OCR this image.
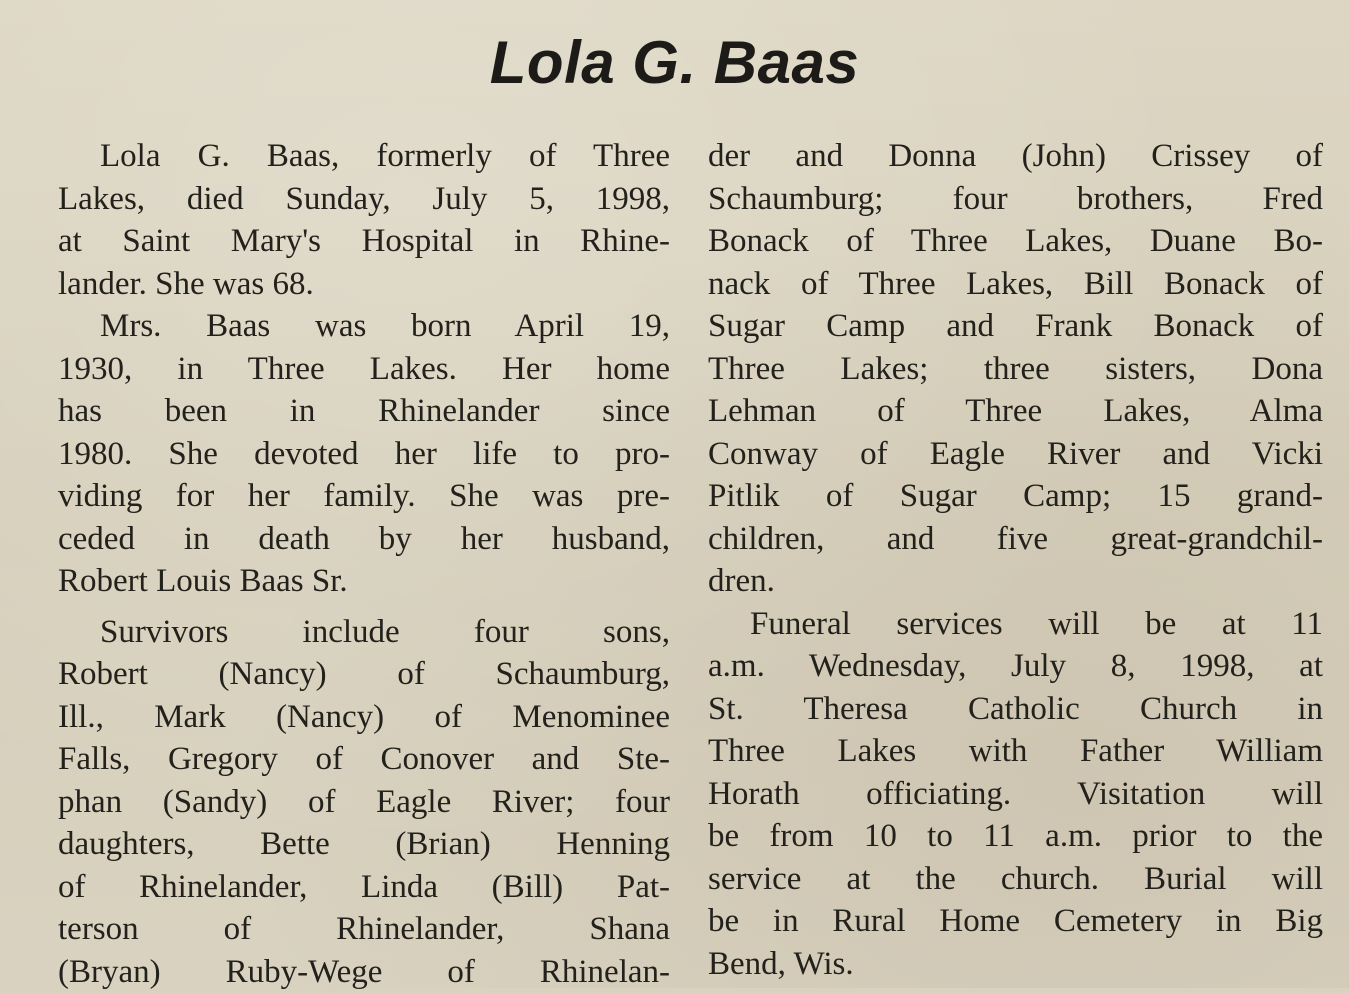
Lola G. Baas
Lola G. Baas, formerly of Three
Lakes, died Sunday, July 5, 1998,
at Saint Mary's Hospital in Rhine-
lander. She was 68.
Mrs. Baas was born April 19,
1930, in Three Lakes. Her home
has been in Rhinelander since
1980. She devoted her life to pro-
viding for her family. She was pre-
ceded in death by her husband,
Robert Louis Baas Sr.
Survivors include four sons,
Robert (Nancy) of Schaumburg,
Ill., Mark (Nancy) of Menominee
Falls, Gregory of Conover and Ste-
phan (Sandy) of Eagle River; four
daughters, Bette (Brian) Henning
of Rhinelander, Linda (Bill) Pat-
terson of Rhinelander, Shana
(Bryan) Ruby-Wege of Rhinelan-
der and Donna (John) Crissey of
Schaumburg; four brothers, Fred
Bonack of Three Lakes, Duane Bo-
nack of Three Lakes, Bill Bonack of
Sugar Camp and Frank Bonack of
Three Lakes; three sisters, Dona
Lehman of Three Lakes, Alma
Conway of Eagle River and Vicki
Pitlik of Sugar Camp; 15 grand-
children, and five great-grandchil-
dren.
Funeral services will be at 11
a.m. Wednesday, July 8, 1998, at
St. Theresa Catholic Church in
Three Lakes with Father William
Horath officiating. Visitation will
be from 10 to 11 a.m. prior to the
service at the church. Burial will
be in Rural Home Cemetery in Big
Bend, Wis.
